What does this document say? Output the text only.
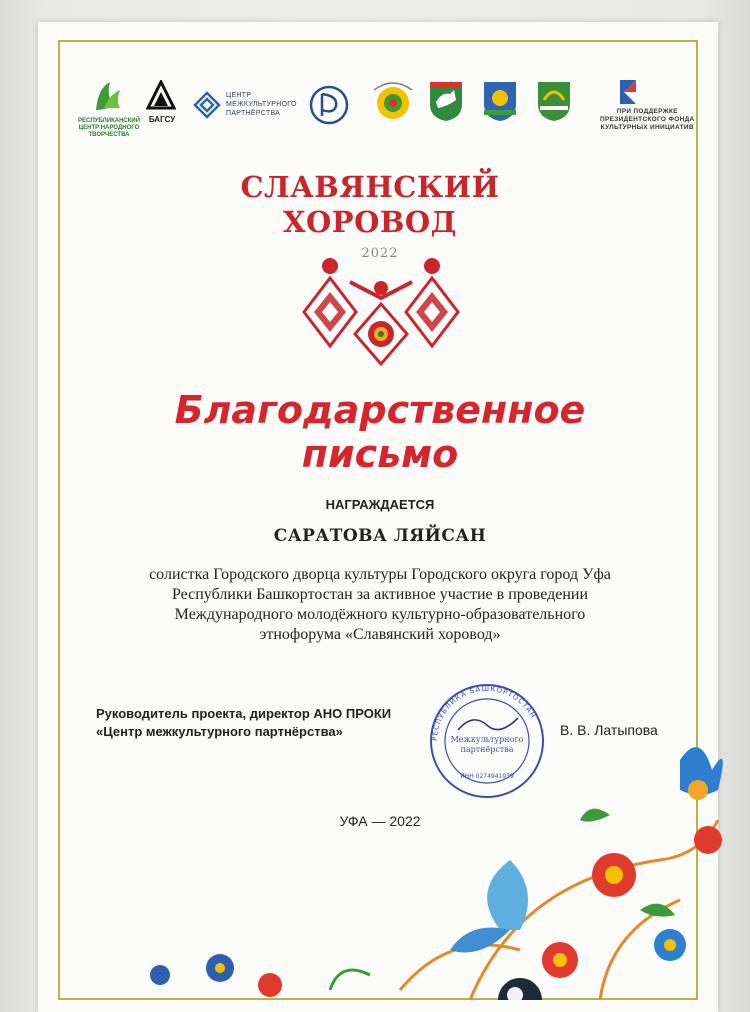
РЕСПУБЛИКАНСКИЙ ЦЕНТР НАРОДНОГО ТВОРЧЕСТВА
БАГСУ
ЦЕНТР
МЕЖКУЛЬТУРНОГО
ПАРТНЁРСТВА	ПРИ ПОДДЕРЖКЕ
ПРЕЗИДЕНТСКОГО ФОНДА
КУЛЬТУРНЫХ ИНИЦИАТИВ
СЛАВЯНСКИЙ
ХОРОВОД
2022
Благодарственное
письмо
НАГРАЖДАЕТСЯ
САРАТОВА ЛЯЙСАН
солистка Городского дворца культуры Городского округа город Уфа
Республики Башкортостан за активное участие в проведении
Международного молодёжного культурно-образовательного
этнофорума «Славянский хоровод»
Руководитель проекта, директор АНО ПРОКИ
«Центр межкультурного партнёрства»	В. В. Латыпова
РЕСПУБЛИКА БАШКОРТОСТАН
Межкультурного
партнёрства
ИНН 0274941939
УФА — 2022
